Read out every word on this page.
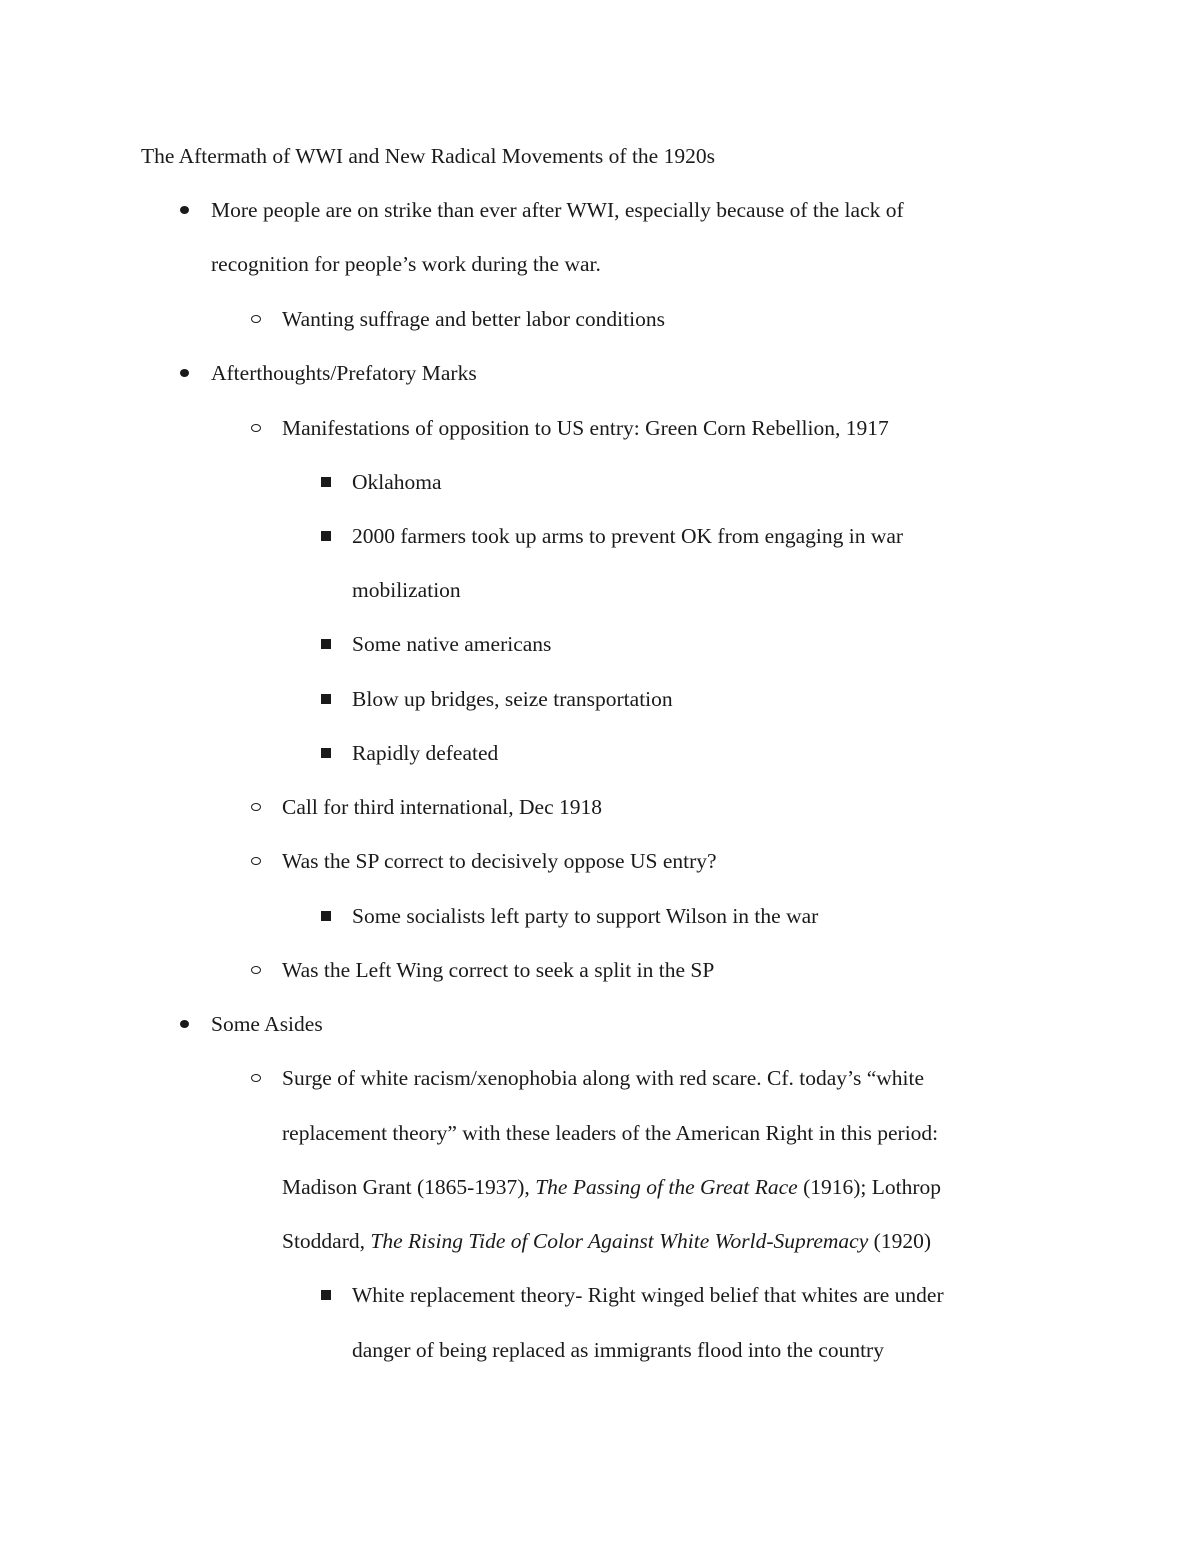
The Aftermath of WWI and New Radical Movements of the 1920s
More people are on strike than ever after WWI, especially because of the lack of
recognition for people’s work during the war.
Wanting suffrage and better labor conditions
Afterthoughts/Prefatory Marks
Manifestations of opposition to US entry: Green Corn Rebellion, 1917
Oklahoma
2000 farmers took up arms to prevent OK from engaging in war
mobilization
Some native americans
Blow up bridges, seize transportation
Rapidly defeated
Call for third international, Dec 1918
Was the SP correct to decisively oppose US entry?
Some socialists left party to support Wilson in the war
Was the Left Wing correct to seek a split in the SP
Some Asides
Surge of white racism/xenophobia along with red scare. Cf. today’s “white
replacement theory” with these leaders of the American Right in this period:
Madison Grant (1865-1937), The Passing of the Great Race (1916); Lothrop
Stoddard, The Rising Tide of Color Against White World-Supremacy (1920)
White replacement theory- Right winged belief that whites are under
danger of being replaced as immigrants flood into the country
